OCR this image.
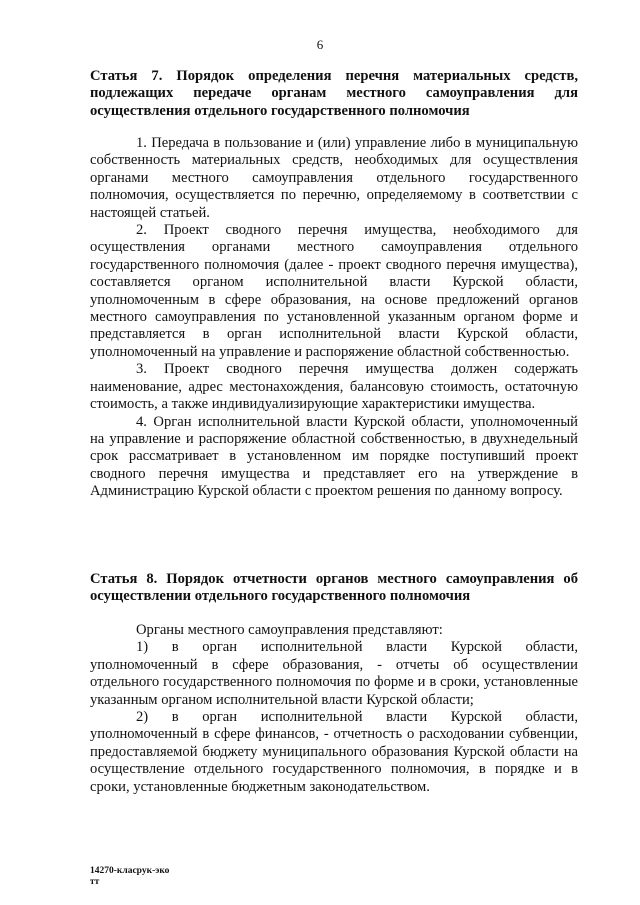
6
Статья 7. Порядок определения перечня материальных средств, подлежащих передаче органам местного самоуправления для осуществления отдельного государственного полномочия

1. Передача в пользование и (или) управление либо в муниципальную собственность материальных средств, необходимых для осуществления органами местного самоуправления отдельного государственного полномочия, осуществляется по перечню, определяемому в соответствии с настоящей статьей.

2. Проект сводного перечня имущества, необходимого для осуществления органами местного самоуправления отдельного государственного полномочия (далее - проект сводного перечня имущества), составляется органом исполнительной власти Курской области, уполномоченным в сфере образования, на основе предложений органов местного самоуправления по установленной указанным органом форме и представляется в орган исполнительной власти Курской области, уполномоченный на управление и распоряжение областной собственностью.

3. Проект сводного перечня имущества должен содержать наименование, адрес местонахождения, балансовую стоимость, остаточную стоимость, а также индивидуализирующие характеристики имущества.

4. Орган исполнительной власти Курской области, уполномоченный на управление и распоряжение областной собственностью, в двухнедельный срок рассматривает в установленном им порядке поступивший проект сводного перечня имущества и представляет его на утверждение в Администрацию Курской области с проектом решения по данному вопросу.

Статья 8. Порядок отчетности органов местного самоуправления об осуществлении отдельного государственного полномочия

Органы местного самоуправления представляют:

1) в орган исполнительной власти Курской области,

уполномоченный в сфере образования, - отчеты об осуществлении отдельного государственного полномочия по форме и в сроки, установленные указанным органом исполнительной власти Курской области;

2) в орган исполнительной власти Курской области,

уполномоченный в сфере финансов, - отчетность о расходовании субвенции, предоставляемой бюджету муниципального образования Курской области на осуществление отдельного государственного полномочия, в порядке и в сроки, установленные бюджетным законодательством.

14270-класрук-эко
тт
